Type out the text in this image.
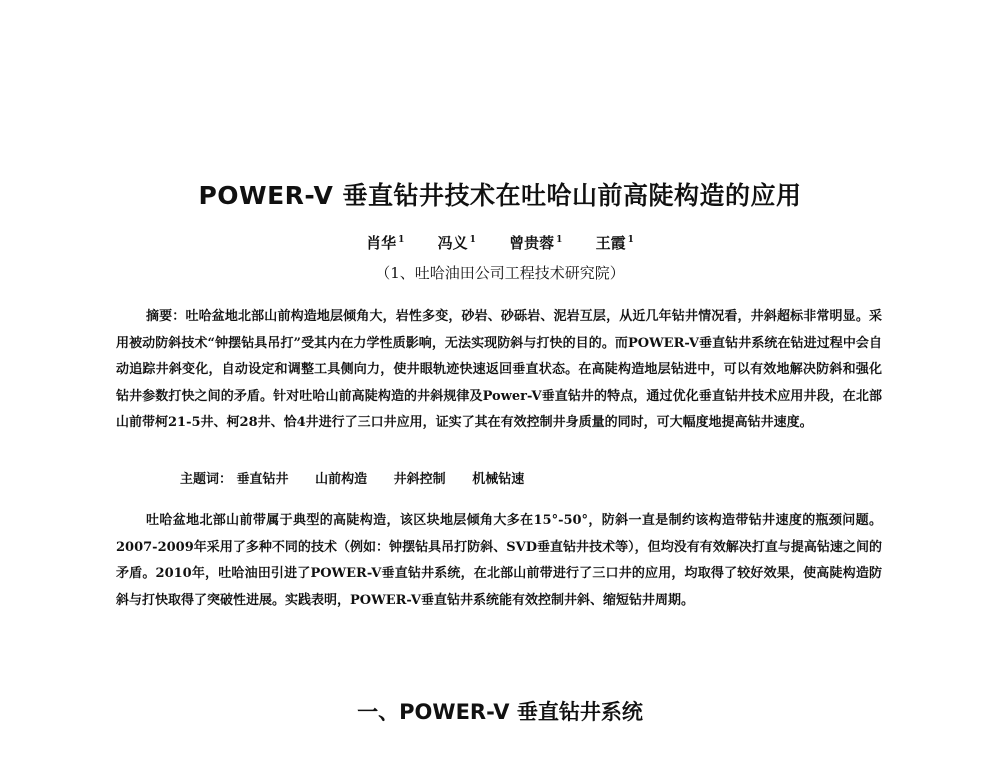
POWER-V 垂直钻井技术在吐哈山前高陡构造的应用
肖华 $^1$ 冯义 $^1$ 曾贵蓉 $^1$ 王霞 $^1$
（1、吐哈油田公司工程技术研究院）
摘要：吐哈盆地北部山前构造地层倾角大，岩性多变，砂岩、砂砾岩、泥岩互层，从近几年钻井情况看，井斜超标非常明显。采用被动防斜技术“钟摆钻具吊打”受其内在力学性质影响，无法实现防斜与打快的目的。而POWER-V垂直钻井系统在钻进过程中会自动追踪井斜变化，自动设定和调整工具侧向力，使井眼轨迹快速返回垂直状态。在高陡构造地层钻进中，可以有效地解决防斜和强化钻井参数打快之间的矛盾。针对吐哈山前高陡构造的井斜规律及Power-V垂直钻井的特点，通过优化垂直钻井技术应用井段，在北部山前带柯21-5井、柯28井、恰4井进行了三口井应用，证实了其在有效控制井身质量的同时，可大幅度地提高钻井速度。
主题词： 垂直钻井 山前构造 井斜控制 机械钻速
吐哈盆地北部山前带属于典型的高陡构造，该区块地层倾角大多在15°-50°，防斜一直是制约该构造带钻井速度的瓶颈问题。2007-2009年采用了多种不同的技术（例如：钟摆钻具吊打防斜、SVD垂直钻井技术等），但均没有有效解决打直与提高钻速之间的矛盾。2010年，吐哈油田引进了POWER-V垂直钻井系统，在北部山前带进行了三口井的应用，均取得了较好效果，使高陡构造防斜与打快取得了突破性进展。实践表明，POWER-V垂直钻井系统能有效控制井斜、缩短钻井周期。
一、POWER-V 垂直钻井系统
